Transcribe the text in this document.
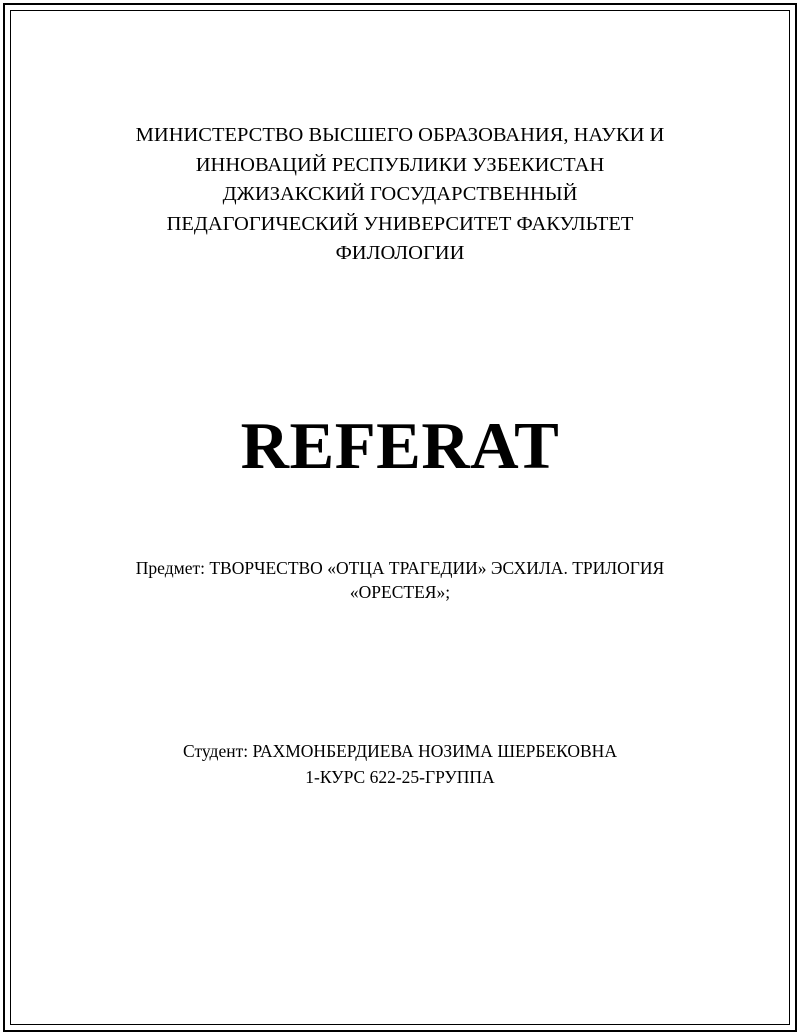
МИНИСТЕРСТВО ВЫСШЕГО ОБРАЗОВАНИЯ, НАУКИ И
ИННОВАЦИЙ РЕСПУБЛИКИ УЗБЕКИСТАН
ДЖИЗАКСКИЙ ГОСУДАРСТВЕННЫЙ
ПЕДАГОГИЧЕСКИЙ УНИВЕРСИТЕТ ФАКУЛЬТЕТ
ФИЛОЛОГИИ
REFERAT
Предмет: ТВОРЧЕСТВО «ОТЦА ТРАГЕДИИ» ЭСХИЛА. ТРИЛОГИЯ
«ОРЕСТЕЯ»;
Студент: РАХМОНБЕРДИЕВА НОЗИМА ШЕРБЕКОВНА
1-КУРС 622-25-ГРУППА
